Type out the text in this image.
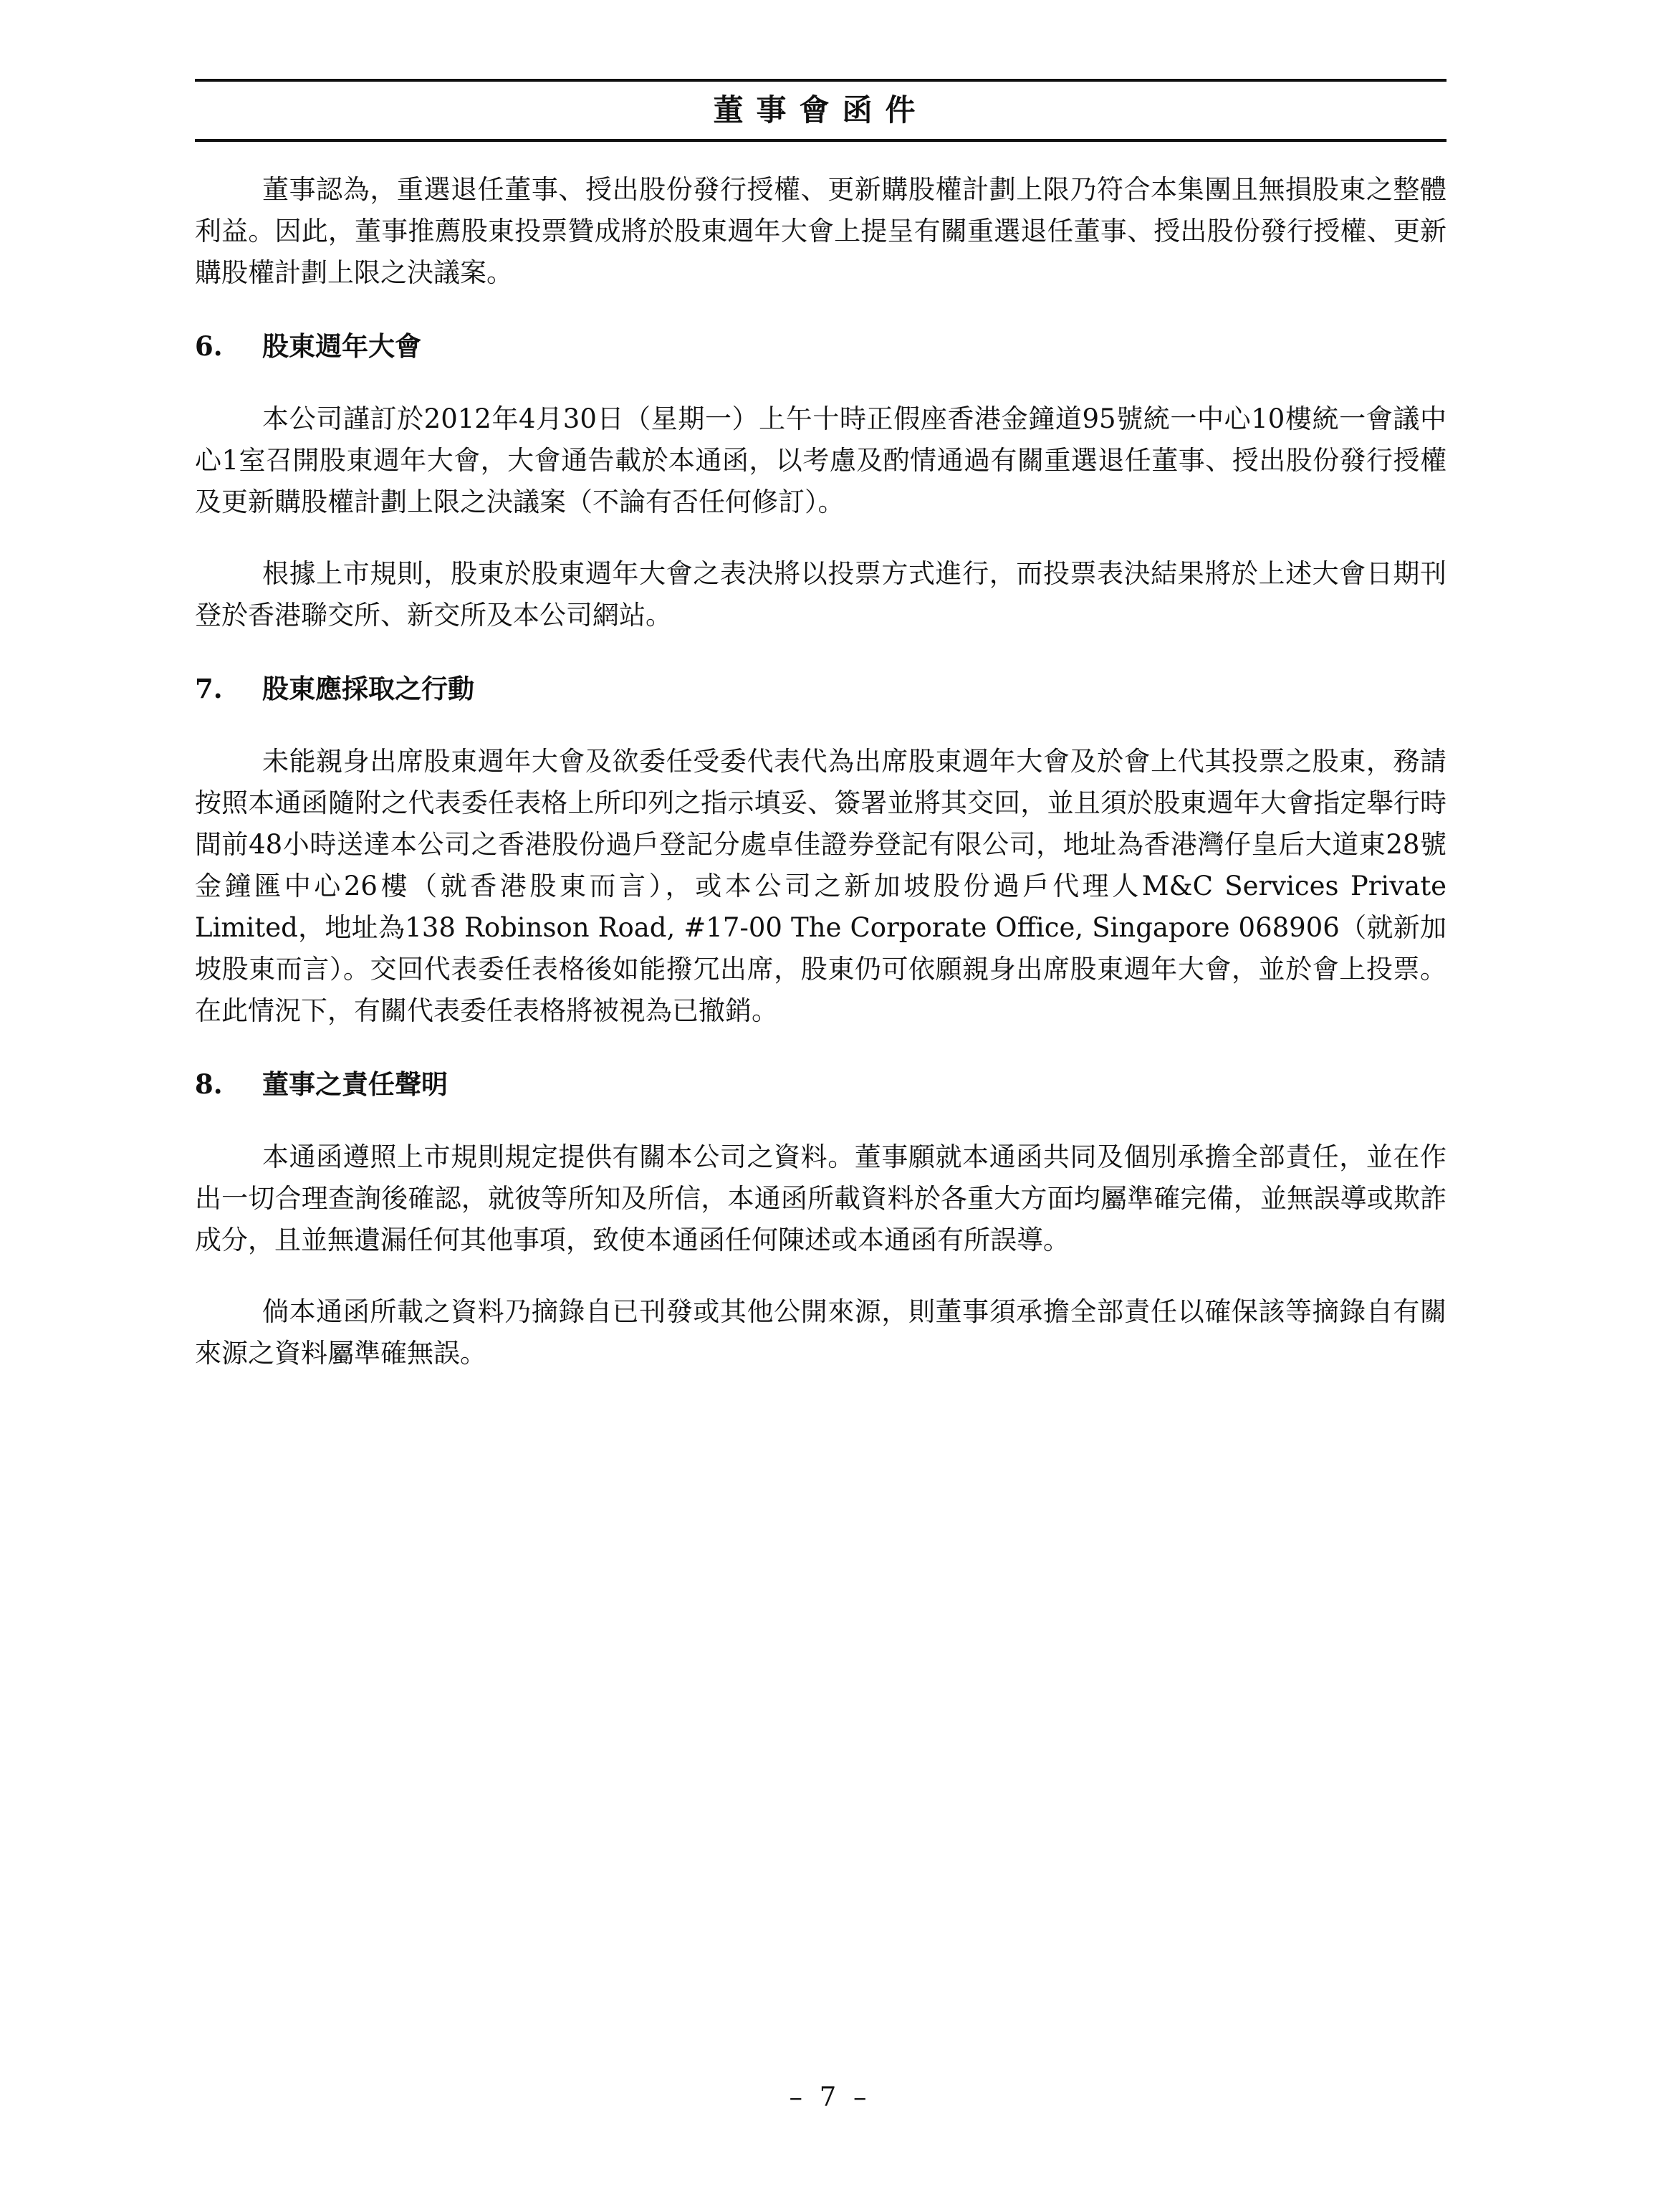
董事會函件

董事認為，重選退任董事、授出股份發行授權、更新購股權計劃上限乃符合本集團且無損股東之整體利益。因此，董事推薦股東投票贊成將於股東週年大會上提呈有關重選退任董事、授出股份發行授權、更新購股權計劃上限之決議案。

6.	股東週年大會

本公司謹訂於2012年4月30日（星期一）上午十時正假座香港金鐘道95號統一中心10樓統一會議中心1室召開股東週年大會，大會通告載於本通函，以考慮及酌情通過有關重選退任董事、授出股份發行授權及更新購股權計劃上限之決議案（不論有否任何修訂）。

根據上市規則，股東於股東週年大會之表決將以投票方式進行，而投票表決結果將於上述大會日期刊登於香港聯交所、新交所及本公司網站。

7.	股東應採取之行動

未能親身出席股東週年大會及欲委任受委代表代為出席股東週年大會及於會上代其投票之股東，務請按照本通函隨附之代表委任表格上所印列之指示填妥、簽署並將其交回，並且須於股東週年大會指定舉行時間前48小時送達本公司之香港股份過戶登記分處卓佳證券登記有限公司，地址為香港灣仔皇后大道東28號金鐘匯中心26樓（就香港股東而言），或本公司之新加坡股份過戶代理人M&C Services Private Limited，地址為138 Robinson Road, #17-00 The Corporate Office, Singapore 068906（就新加坡股東而言）。交回代表委任表格後如能撥冗出席，股東仍可依願親身出席股東週年大會，並於會上投票。在此情況下，有關代表委任表格將被視為已撤銷。

8.	董事之責任聲明

本通函遵照上市規則規定提供有關本公司之資料。董事願就本通函共同及個別承擔全部責任，並在作出一切合理查詢後確認，就彼等所知及所信，本通函所載資料於各重大方面均屬準確完備，並無誤導或欺詐成分，且並無遺漏任何其他事項，致使本通函任何陳述或本通函有所誤導。

倘本通函所載之資料乃摘錄自已刊發或其他公開來源，則董事須承擔全部責任以確保該等摘錄自有關來源之資料屬準確無誤。

– 7 –
